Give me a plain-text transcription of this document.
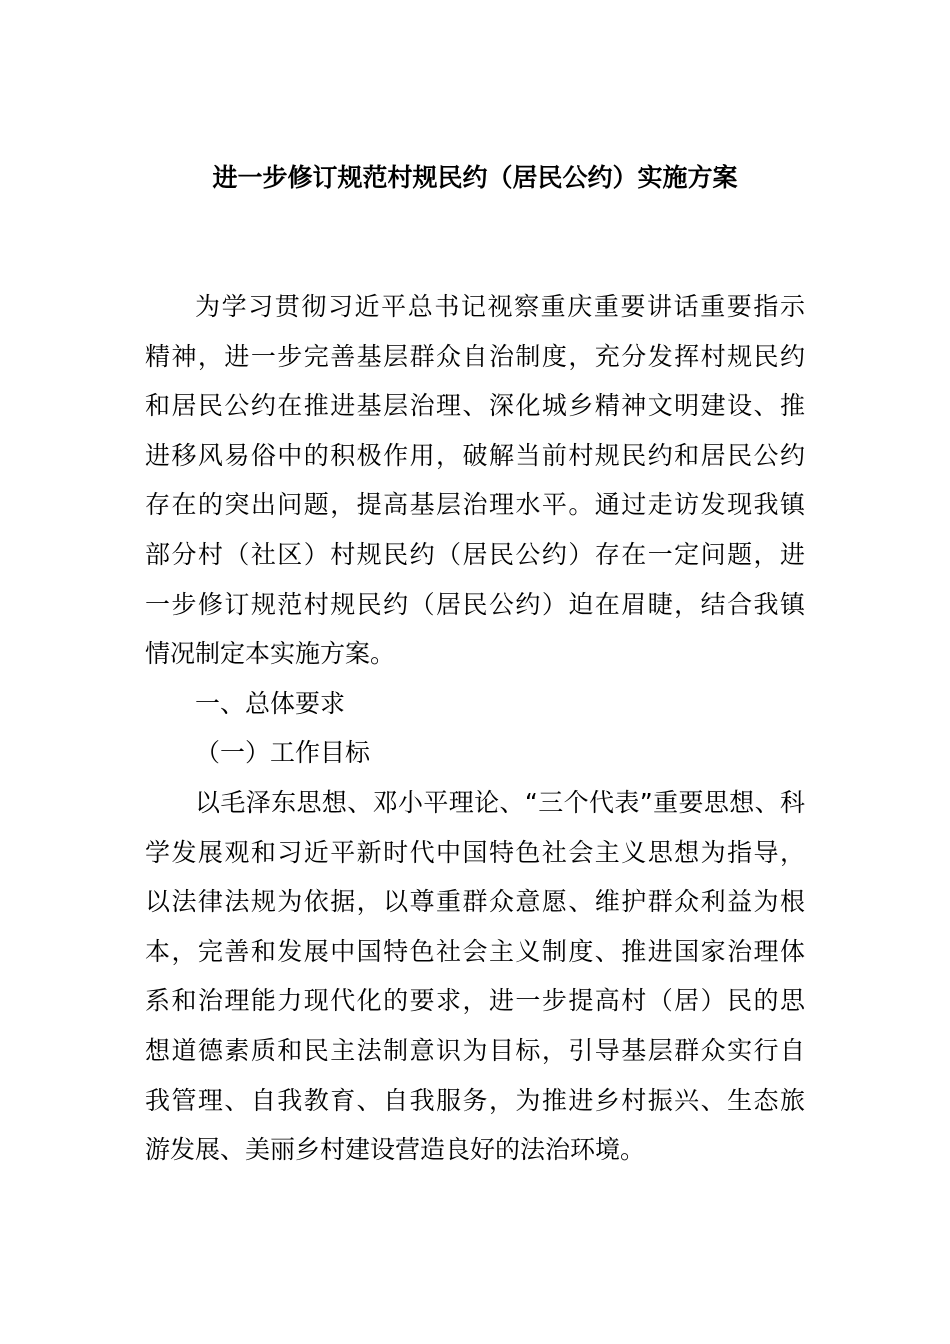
进一步修订规范村规民约（居民公约）实施方案
为学习贯彻习近平总书记视察重庆重要讲话重要指示
精神，进一步完善基层群众自治制度，充分发挥村规民约
和居民公约在推进基层治理、深化城乡精神文明建设、推
进移风易俗中的积极作用，破解当前村规民约和居民公约
存在的突出问题，提高基层治理水平。通过走访发现我镇
部分村（社区）村规民约（居民公约）存在一定问题，进
一步修订规范村规民约（居民公约）迫在眉睫，结合我镇
情况制定本实施方案。
一、总体要求
（一）工作目标
以毛泽东思想、邓小平理论、“三个代表”重要思想、科
学发展观和习近平新时代中国特色社会主义思想为指导，
以法律法规为依据，以尊重群众意愿、维护群众利益为根
本，完善和发展中国特色社会主义制度、推进国家治理体
系和治理能力现代化的要求，进一步提高村（居）民的思
想道德素质和民主法制意识为目标，引导基层群众实行自
我管理、自我教育、自我服务，为推进乡村振兴、生态旅
游发展、美丽乡村建设营造良好的法治环境。
